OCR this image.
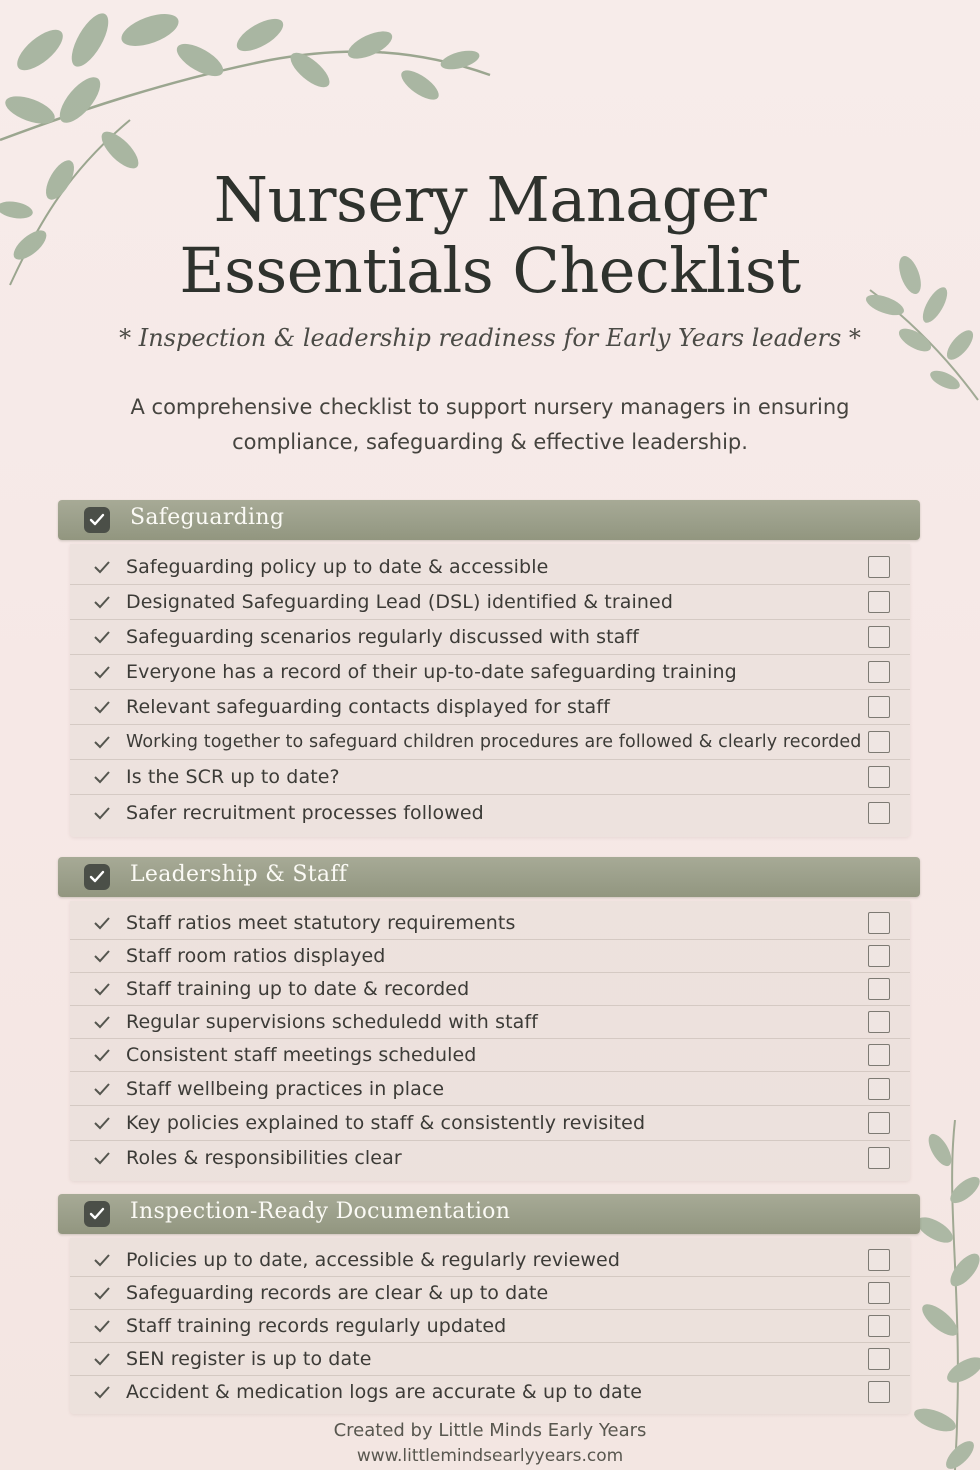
Nursery Manager
Essentials Checklist
* Inspection & leadership readiness for Early Years leaders *
A comprehensive checklist to support nursery managers in ensuring
compliance, safeguarding & effective leadership.
Safeguarding
Safeguarding policy up to date & accessible
Designated Safeguarding Lead (DSL) identified & trained
Safeguarding scenarios regularly discussed with staff
Everyone has a record of their up-to-date safeguarding training
Relevant safeguarding contacts displayed for staff
Working together to safeguard children procedures are followed & clearly recorded
Is the SCR up to date?
Safer recruitment processes followed
Leadership & Staff
Staff ratios meet statutory requirements
Staff room ratios displayed
Staff training up to date & recorded
Regular supervisions scheduledd with staff
Consistent staff meetings scheduled
Staff wellbeing practices in place
Key policies explained to staff & consistently revisited
Roles & responsibilities clear
Inspection-Ready Documentation
Policies up to date, accessible & regularly reviewed
Safeguarding records are clear & up to date
Staff training records regularly updated
SEN register is up to date
Accident & medication logs are accurate & up to date
Created by Little Minds Early Years
www.littlemindsearlyyears.com
